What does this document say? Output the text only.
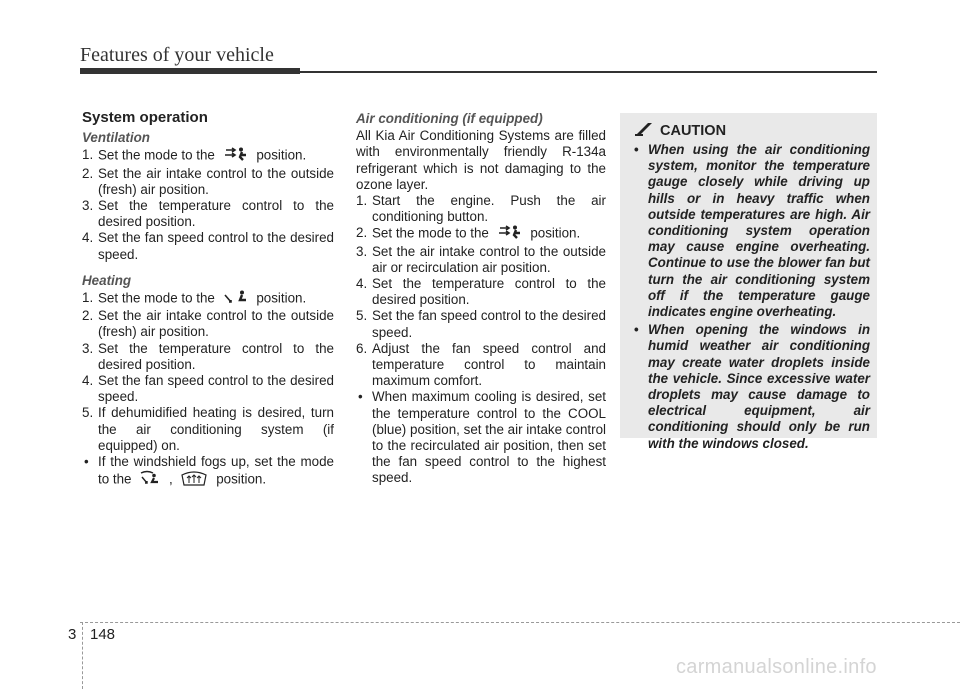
Features of your vehicle
System operation
Ventilation
1. Set the mode to the	position.
2. Set the air intake control to the outside (fresh) air position.
3. Set the temperature control to the desired position.
4. Set the fan speed control to the desired speed.
Heating
1. Set the mode to the	position.
2. Set the air intake control to the outside (fresh) air position.
3. Set the temperature control to the desired position.
4. Set the fan speed control to the desired speed.
5. If dehumidified heating is desired, turn the air conditioning system (if equipped) on.
• If the windshield fogs up, set the mode to the	,	position.
Air conditioning (if equipped)
All Kia Air Conditioning Systems are filled with environmentally friendly R-134a refrigerant which is not damaging to the ozone layer.
1. Start the engine. Push the air conditioning button.
2. Set the mode to the	position.
3. Set the air intake control to the outside air or recirculation air position.
4. Set the temperature control to the desired position.
5. Set the fan speed control to the desired speed.
6. Adjust the fan speed control and temperature control to maintain maximum comfort.
• When maximum cooling is desired, set the temperature control to the COOL (blue) position, set the air intake control to the recirculated air position, then set the fan speed control to the highest speed.
CAUTION
• When using the air conditioning system, monitor the temperature gauge closely while driving up hills or in heavy traffic when outside temperatures are high. Air conditioning system operation may cause engine overheating. Continue to use the blower fan but turn the air conditioning system off if the temperature gauge indicates engine overheating.
• When opening the windows in humid weather air conditioning may create water droplets inside the vehicle. Since excessive water droplets may cause damage to electrical equipment, air conditioning should only be run with the windows closed.
3 148
carmanualsonline.info
